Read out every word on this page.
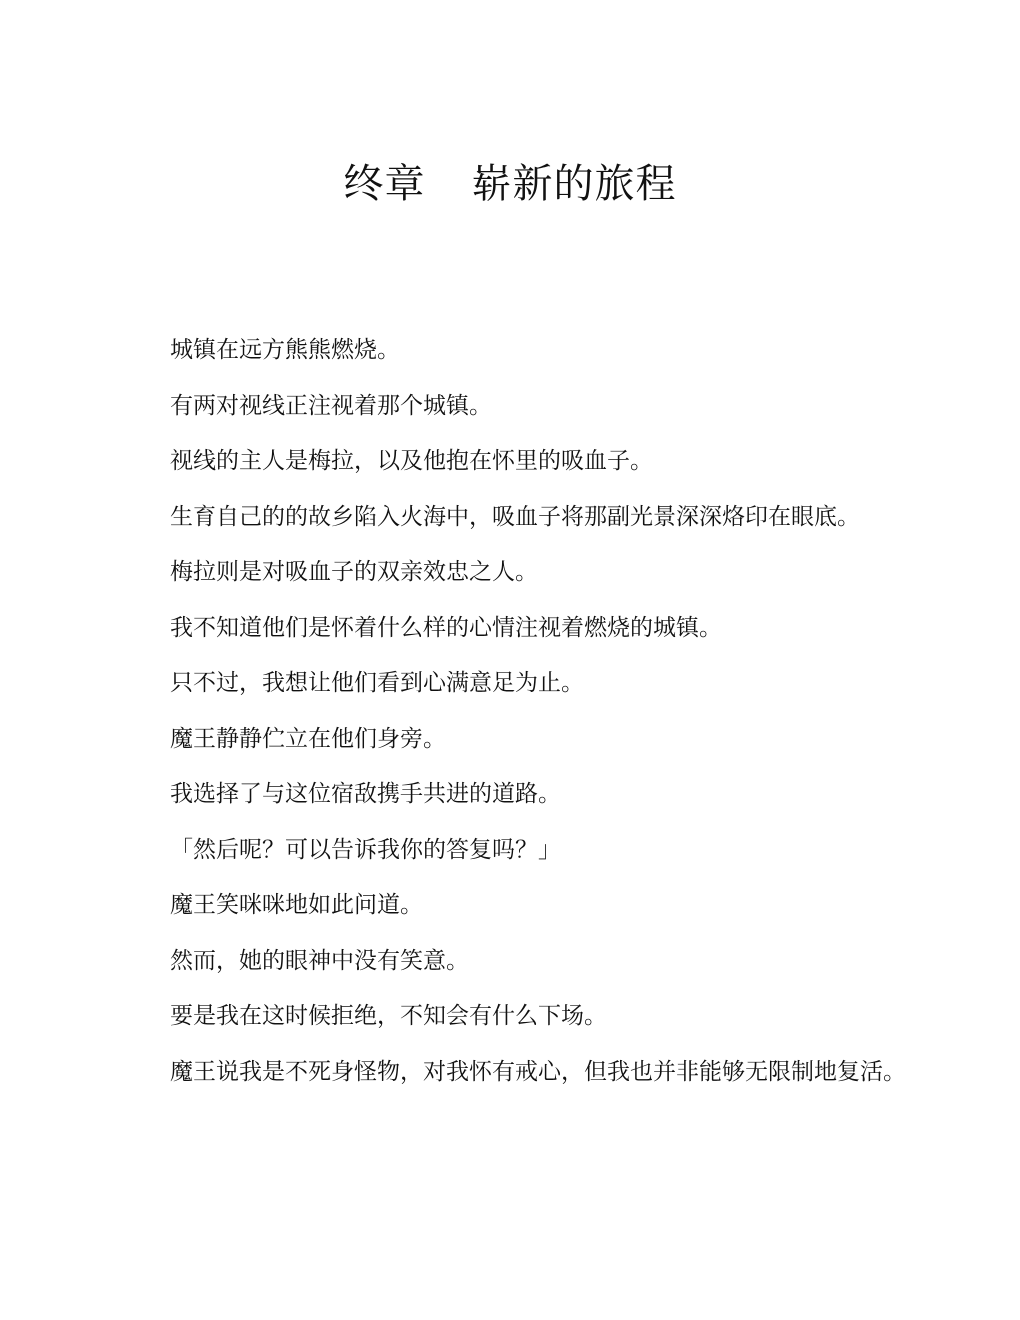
终章 崭新的旅程

城镇在远方熊熊燃烧。

有两对视线正注视着那个城镇。

视线的主人是梅拉，以及他抱在怀里的吸血子。

生育自己的的故乡陷入火海中，吸血子将那副光景深深烙印在眼底。

梅拉则是对吸血子的双亲效忠之人。

我不知道他们是怀着什么样的心情注视着燃烧的城镇。

只不过，我想让他们看到心满意足为止。

魔王静静伫立在他们身旁。

我选择了与这位宿敌携手共进的道路。

「然后呢？可以告诉我你的答复吗？」

魔王笑咪咪地如此问道。

然而，她的眼神中没有笑意。

要是我在这时候拒绝，不知会有什么下场。

魔王说我是不死身怪物，对我怀有戒心，但我也并非能够无限制地复活。
